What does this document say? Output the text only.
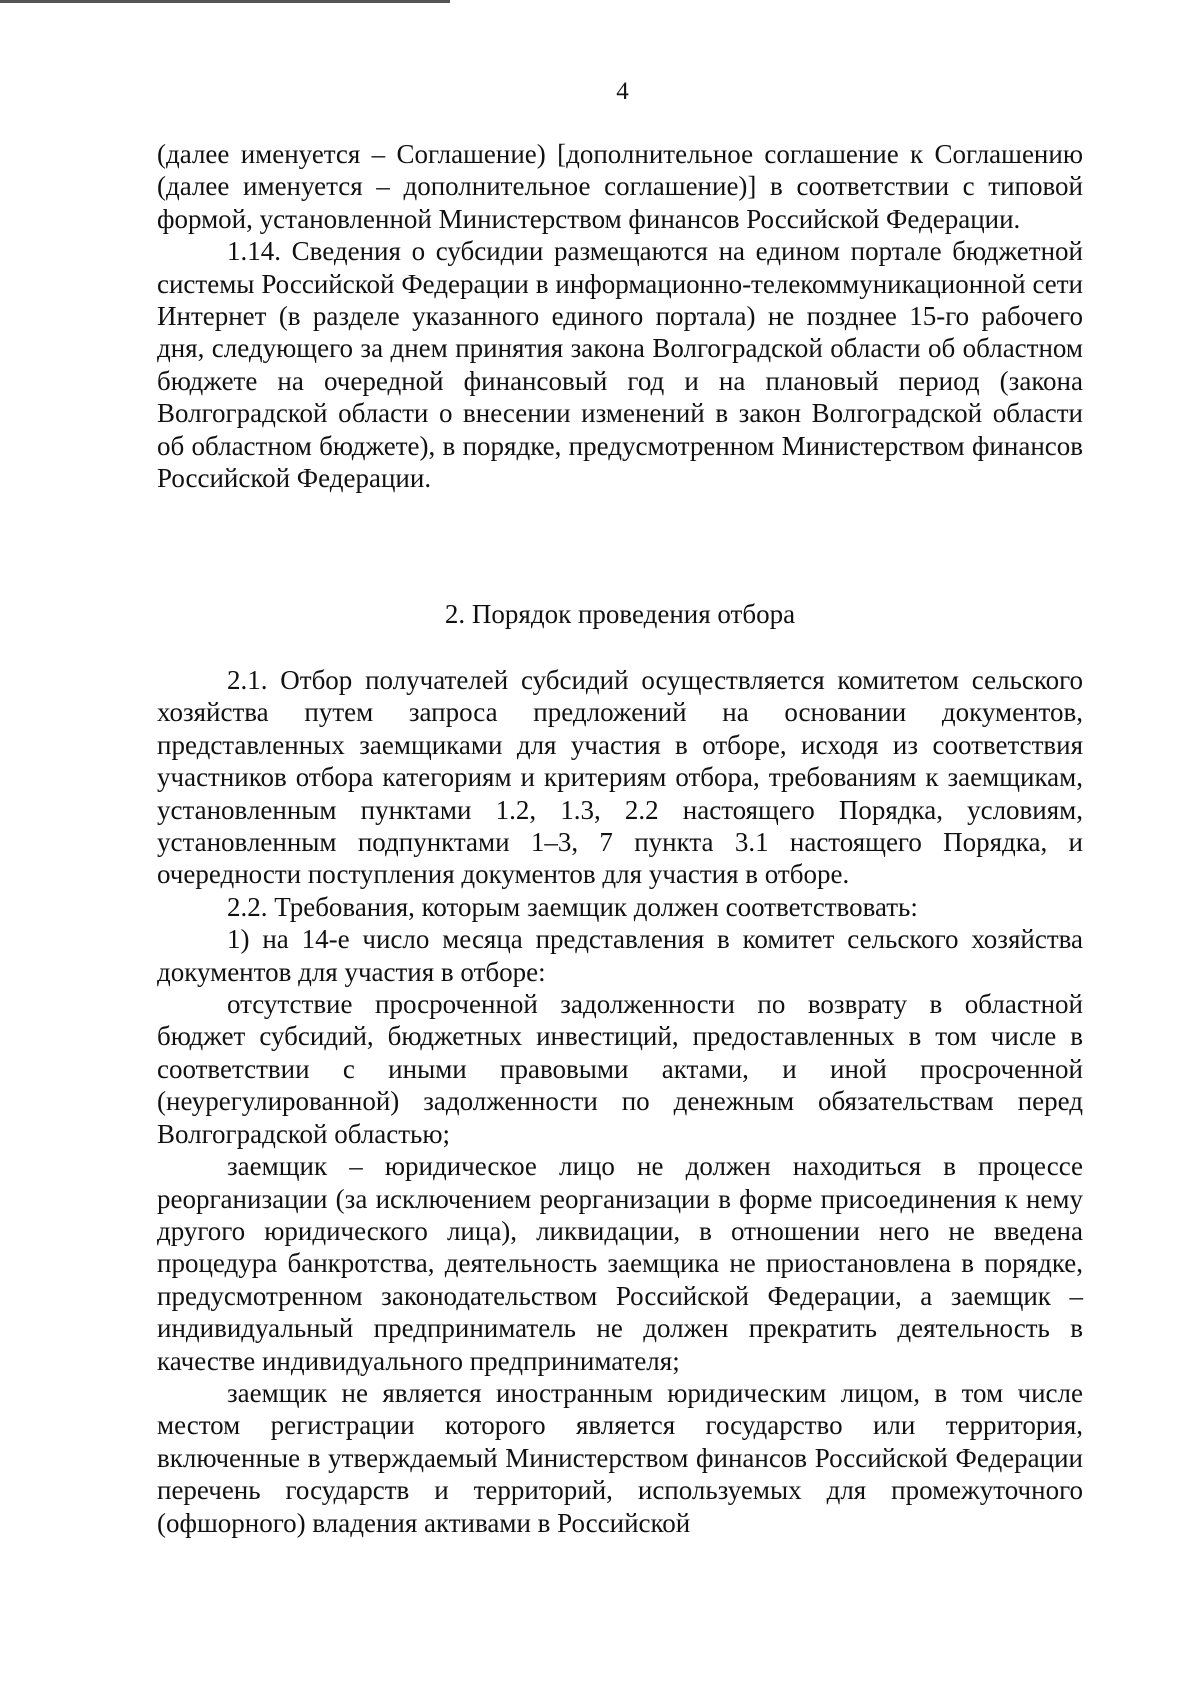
4

(далее именуется – Соглашение) [дополнительное соглашение к Соглашению (далее именуется – дополнительное соглашение)] в соответствии с типовой формой, установленной Министерством финансов Российской Федерации.

1.14. Сведения о субсидии размещаются на едином портале бюджетной системы Российской Федерации в информационно-телекоммуникационной сети Интернет (в разделе указанного единого портала) не позднее 15-го рабочего дня, следующего за днем принятия закона Волгоградской области об областном бюджете на очередной финансовый год и на плановый период (закона Волгоградской области о внесении изменений в закон Волгоградской области об областном бюджете), в порядке, предусмотренном Министерством финансов Российской Федерации.

2. Порядок проведения отбора

2.1. Отбор получателей субсидий осуществляется комитетом сельского хозяйства путем запроса предложений на основании документов, представленных заемщиками для участия в отборе, исходя из соответствия участников отбора категориям и критериям отбора, требованиям к заемщикам, установленным пунктами 1.2, 1.3, 2.2 настоящего Порядка, условиям, установленным подпунктами 1–3, 7 пункта 3.1 настоящего Порядка, и очередности поступления документов для участия в отборе.

2.2. Требования, которым заемщик должен соответствовать:

1) на 14-е число месяца представления в комитет сельского хозяйства документов для участия в отборе:

отсутствие просроченной задолженности по возврату в областной бюджет субсидий, бюджетных инвестиций, предоставленных в том числе в соответствии с иными правовыми актами, и иной просроченной (неурегулированной) задолженности по денежным обязательствам перед Волгоградской областью;

заемщик – юридическое лицо не должен находиться в процессе реорганизации (за исключением реорганизации в форме присоединения к нему другого юридического лица), ликвидации, в отношении него не введена процедура банкротства, деятельность заемщика не приостановлена в порядке, предусмотренном законодательством Российской Федерации, а заемщик – индивидуальный предприниматель не должен прекратить деятельность в качестве индивидуального предпринимателя;

заемщик не является иностранным юридическим лицом, в том числе местом регистрации которого является государство или территория, включенные в утверждаемый Министерством финансов Российской Федерации перечень государств и территорий, используемых для промежуточного (офшорного) владения активами в Российской
